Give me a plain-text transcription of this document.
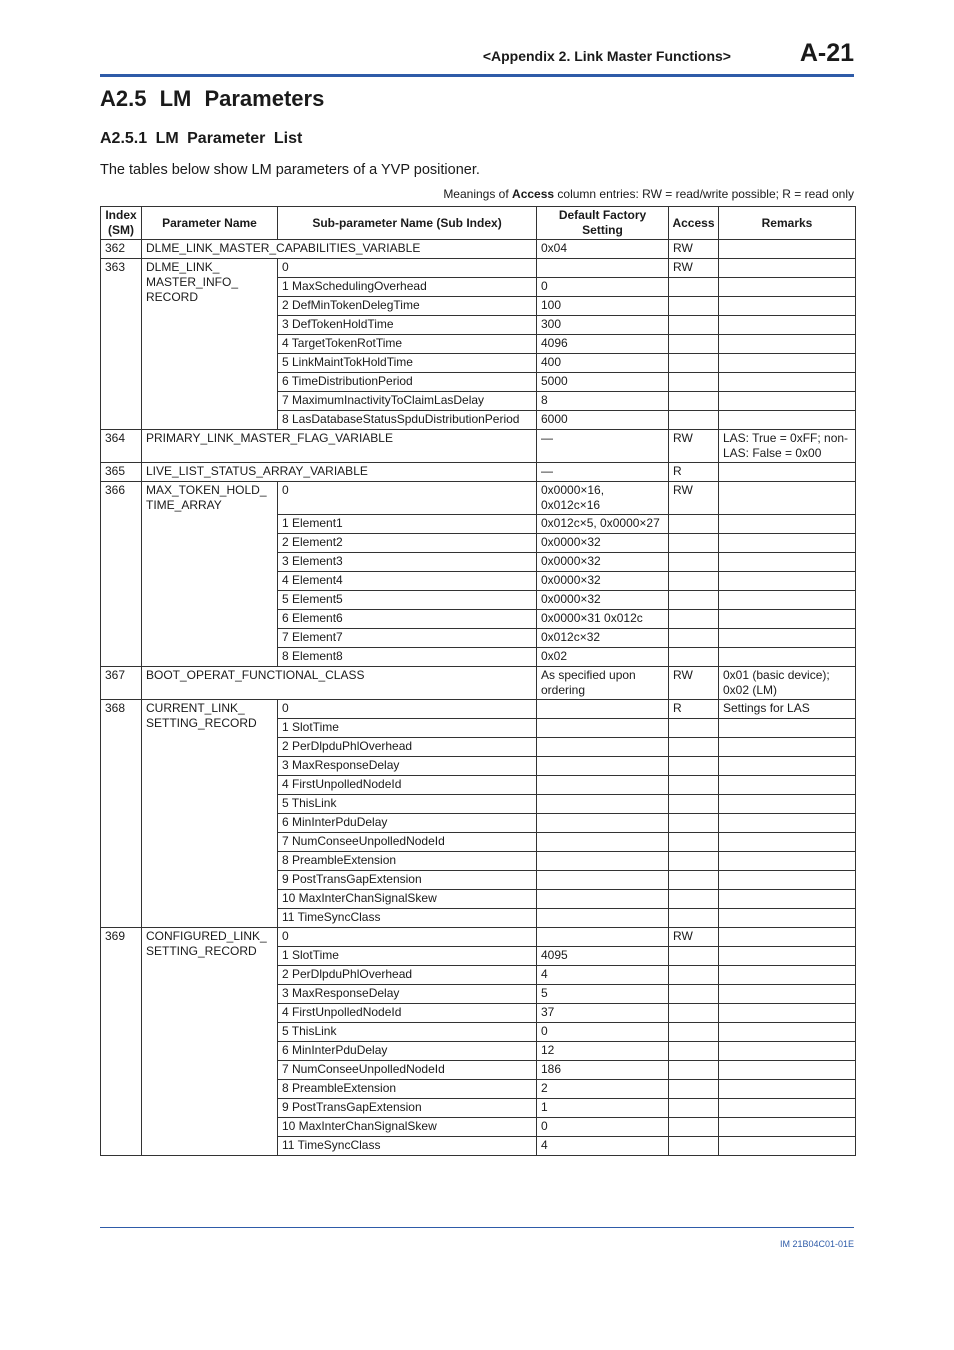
<Appendix 2. Link Master Functions>	A-21
A2.5 LM Parameters
A2.5.1 LM Parameter List

The tables below show LM parameters of a YVP positioner.

Meanings of Access column entries: RW = read/write possible; R = read only
Index (SM)	Parameter Name	Sub-parameter Name (Sub Index)	Default Factory Setting	Access	Remarks
362	DLME_LINK_MASTER_CAPABILITIES_VARIABLE		0x04	RW	
363	DLME_LINK_ MASTER_INFO_ RECORD	0		RW	
		1 MaxSchedulingOverhead	0		
		2 DefMinTokenDelegTime	100		
		3 DefTokenHoldTime	300		
		4 TargetTokenRotTime	4096		
		5 LinkMaintTokHoldTime	400		
		6 TimeDistributionPeriod	5000		
		7 MaximumInactivityToClaimLasDelay	8		
		8 LasDatabaseStatusSpduDistributionPeriod	6000		
364	PRIMARY_LINK_MASTER_FLAG_VARIABLE		—	RW	LAS: True = 0xFF; non-LAS: False = 0x00
365	LIVE_LIST_STATUS_ARRAY_VARIABLE		—	R	
366	MAX_TOKEN_HOLD_ TIME_ARRAY	0	0x0000×16, 0x012c×16	RW	
		1 Element1	0x012c×5, 0x0000×27		
		2 Element2	0x0000×32		
		3 Element3	0x0000×32		
		4 Element4	0x0000×32		
		5 Element5	0x0000×32		
		6 Element6	0x0000×31 0x012c		
		7 Element7	0x012c×32		
		8 Element8	0x02		
367	BOOT_OPERAT_FUNCTIONAL_CLASS		As specified upon ordering	RW	0x01 (basic device); 0x02 (LM)
368	CURRENT_LINK_ SETTING_RECORD	0		R	Settings for LAS
		1 SlotTime			
		2 PerDlpduPhlOverhead			
		3 MaxResponseDelay			
		4 FirstUnpolledNodeId			
		5 ThisLink			
		6 MinInterPduDelay			
		7 NumConseeUnpolledNodeId			
		8 PreambleExtension			
		9 PostTransGapExtension			
		10 MaxInterChanSignalSkew			
		11 TimeSyncClass			
369	CONFIGURED_LINK_ SETTING_RECORD	0		RW	
		1 SlotTime	4095		
		2 PerDlpduPhlOverhead	4		
		3 MaxResponseDelay	5		
		4 FirstUnpolledNodeId	37		
		5 ThisLink	0		
		6 MinInterPduDelay	12		
		7 NumConseeUnpolledNodeId	186		
		8 PreambleExtension	2		
		9 PostTransGapExtension	1		
		10 MaxInterChanSignalSkew	0		
		11 TimeSyncClass	4		
IM 21B04C01-01E
